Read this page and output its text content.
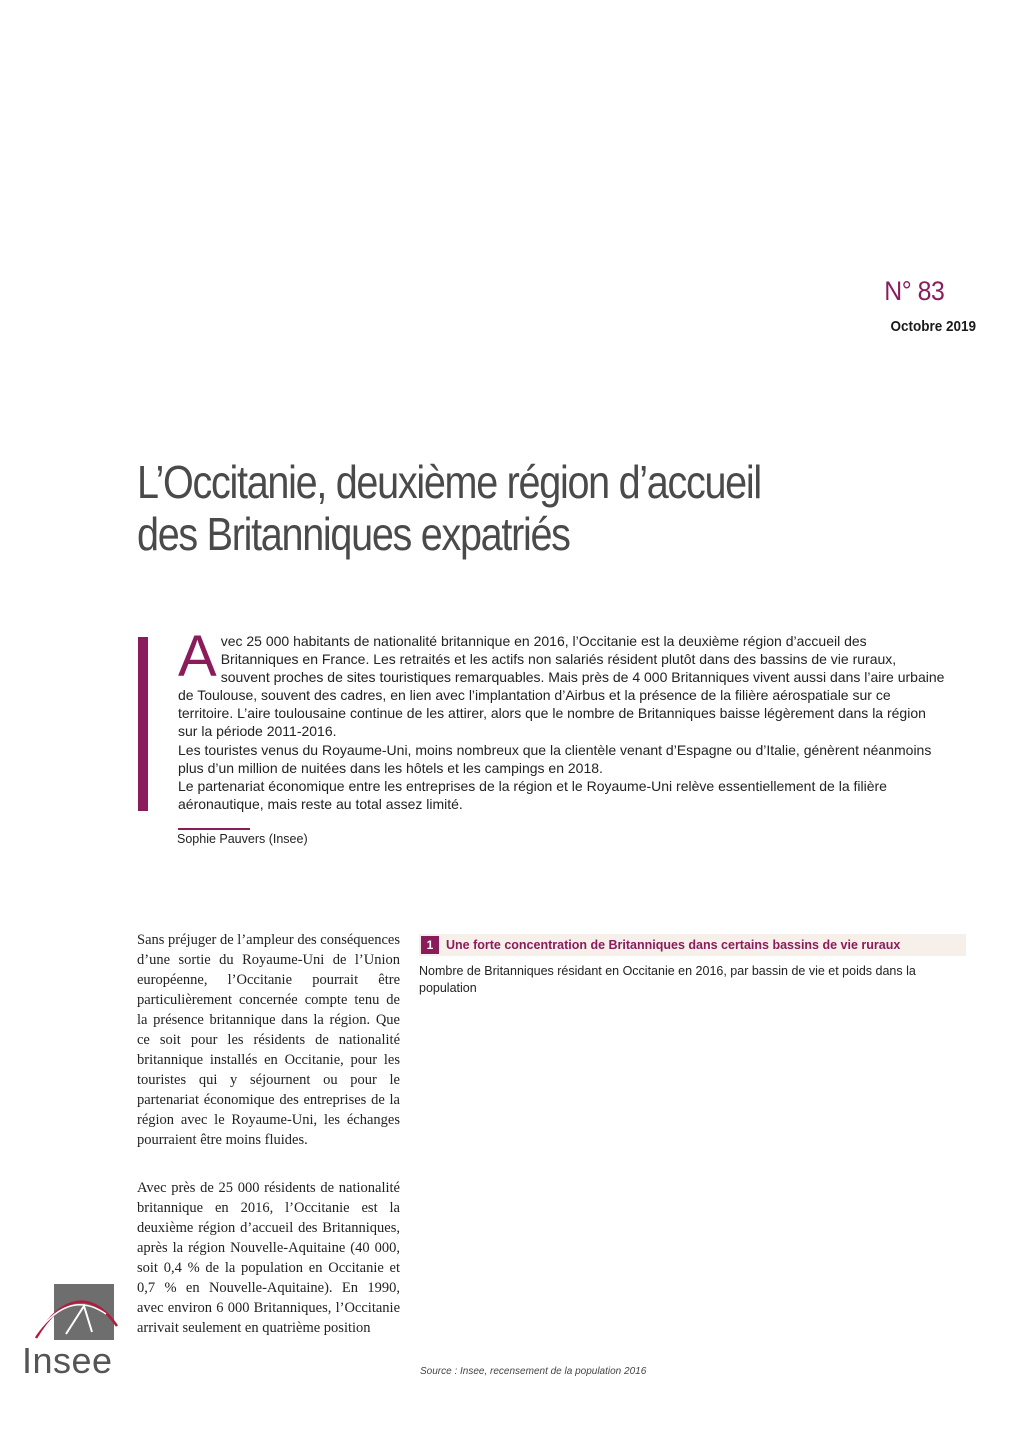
N° 83
Octobre 2019
L’Occitanie, deuxième région d’accueil
des Britanniques expatriés

Avec 25 000 habitants de nationalité britannique en 2016, l’Occitanie est la deuxième région d’accueil des Britanniques en France. Les retraités et les actifs non salariés résident plutôt dans des bassins de vie ruraux, souvent proches de sites touristiques remarquables. Mais près de 4 000 Britanniques vivent aussi dans l’aire urbaine de Toulouse, souvent des cadres, en lien avec l’implantation d’Airbus et la présence de la filière aérospatiale sur ce territoire. L’aire toulousaine continue de les attirer, alors que le nombre de Britanniques baisse légèrement dans la région sur la période 2011-2016.

Les touristes venus du Royaume-Uni, moins nombreux que la clientèle venant d’Espagne ou d’Italie, génèrent néanmoins plus d’un million de nuitées dans les hôtels et les campings en 2018.

Le partenariat économique entre les entreprises de la région et le Royaume-Uni relève essentiellement de la filière aéronautique, mais reste au total assez limité.

Sophie Pauvers (Insee)

Sans préjuger de l’ampleur des conséquences d’une sortie du Royaume-Uni de l’Union européenne, l’Occitanie pourrait être particulièrement concernée compte tenu de la présence britannique dans la région. Que ce soit pour les résidents de nationalité britannique installés en Occitanie, pour les touristes qui y séjournent ou pour le partenariat économique des entreprises de la région avec le Royaume-Uni, les échanges pourraient être moins fluides.

Avec près de 25 000 résidents de nationalité britannique en 2016, l’Occitanie est la deuxième région d’accueil des Britanniques, après la région Nouvelle-Aquitaine (40 000, soit 0,4 % de la population en Occitanie et 0,7 % en Nouvelle-Aquitaine). En 1990, avec environ 6 000 Britanniques, l’Occitanie arrivait seulement en quatrième position

1	Une forte concentration de Britanniques dans certains bassins de vie ruraux
Nombre de Britanniques résidant en Occitanie en 2016, par bassin de vie et poids dans la population
Source : Insee, recensement de la population 2016
Insee
